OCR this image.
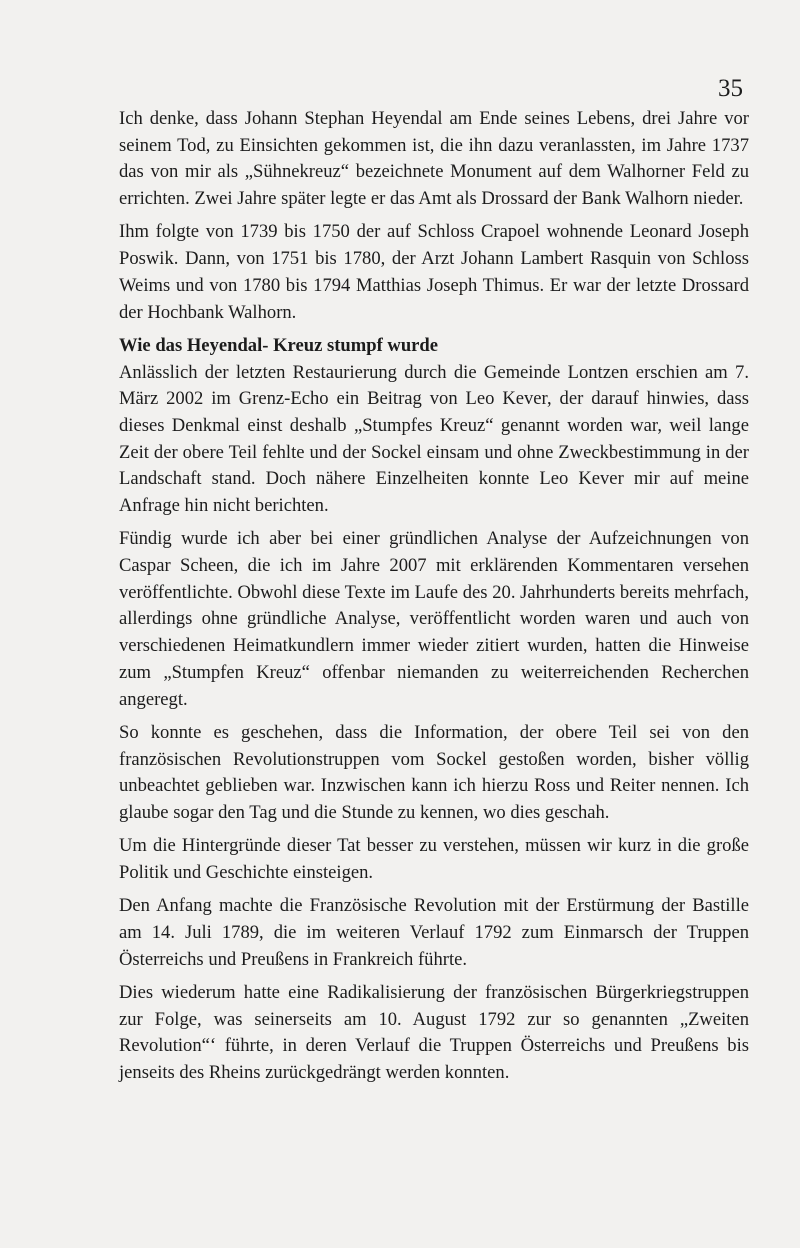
35

Ich denke, dass Johann Stephan Heyendal am Ende seines Lebens, drei Jahre vor seinem Tod, zu Einsichten gekommen ist, die ihn dazu veranlassten, im Jahre 1737 das von mir als „Sühnekreuz“ bezeichnete Monument auf dem Walhorner Feld zu errichten. Zwei Jahre später legte er das Amt als Drossard der Bank Walhorn nieder.

Ihm folgte von 1739 bis 1750 der auf Schloss Crapoel wohnende Leonard Joseph Poswik. Dann, von 1751 bis 1780, der Arzt Johann Lambert Rasquin von Schloss Weims und von 1780 bis 1794 Matthias Joseph Thimus. Er war der letzte Drossard der Hochbank Walhorn.

Wie das Heyendal- Kreuz stumpf wurde

Anlässlich der letzten Restaurierung durch die Gemeinde Lontzen erschien am 7. März 2002 im Grenz-Echo ein Beitrag von Leo Kever, der darauf hinwies, dass dieses Denkmal einst deshalb „Stumpfes Kreuz“ genannt worden war, weil lange Zeit der obere Teil fehlte und der Sockel einsam und ohne Zweckbestimmung in der Landschaft stand. Doch nähere Einzelheiten konnte Leo Kever mir auf meine Anfrage hin nicht berichten.

Fündig wurde ich aber bei einer gründlichen Analyse der Aufzeichnungen von Caspar Scheen, die ich im Jahre 2007 mit erklärenden Kommentaren versehen veröffentlichte. Obwohl diese Texte im Laufe des 20. Jahrhunderts bereits mehrfach, allerdings ohne gründliche Analyse, veröffentlicht worden waren und auch von verschiedenen Heimatkundlern immer wieder zitiert wurden, hatten die Hinweise zum „Stumpfen Kreuz“ offenbar niemanden zu weiterreichenden Recherchen angeregt.

So konnte es geschehen, dass die Information, der obere Teil sei von den französischen Revolutionstruppen vom Sockel gestoßen worden, bisher völlig unbeachtet geblieben war. Inzwischen kann ich hierzu Ross und Reiter nennen. Ich glaube sogar den Tag und die Stunde zu kennen, wo dies geschah.

Um die Hintergründe dieser Tat besser zu verstehen, müssen wir kurz in die große Politik und Geschichte einsteigen.

Den Anfang machte die Französische Revolution mit der Erstürmung der Bastille am 14. Juli 1789, die im weiteren Verlauf 1792 zum Einmarsch der Truppen Österreichs und Preußens in Frankreich führte.

Dies wiederum hatte eine Radikalisierung der französischen Bürgerkriegstruppen zur Folge, was seinerseits am 10. August 1792 zur so genannten „Zweiten Revolution“‘ führte, in deren Verlauf die Truppen Österreichs und Preußens bis jenseits des Rheins zurückgedrängt werden konnten.
